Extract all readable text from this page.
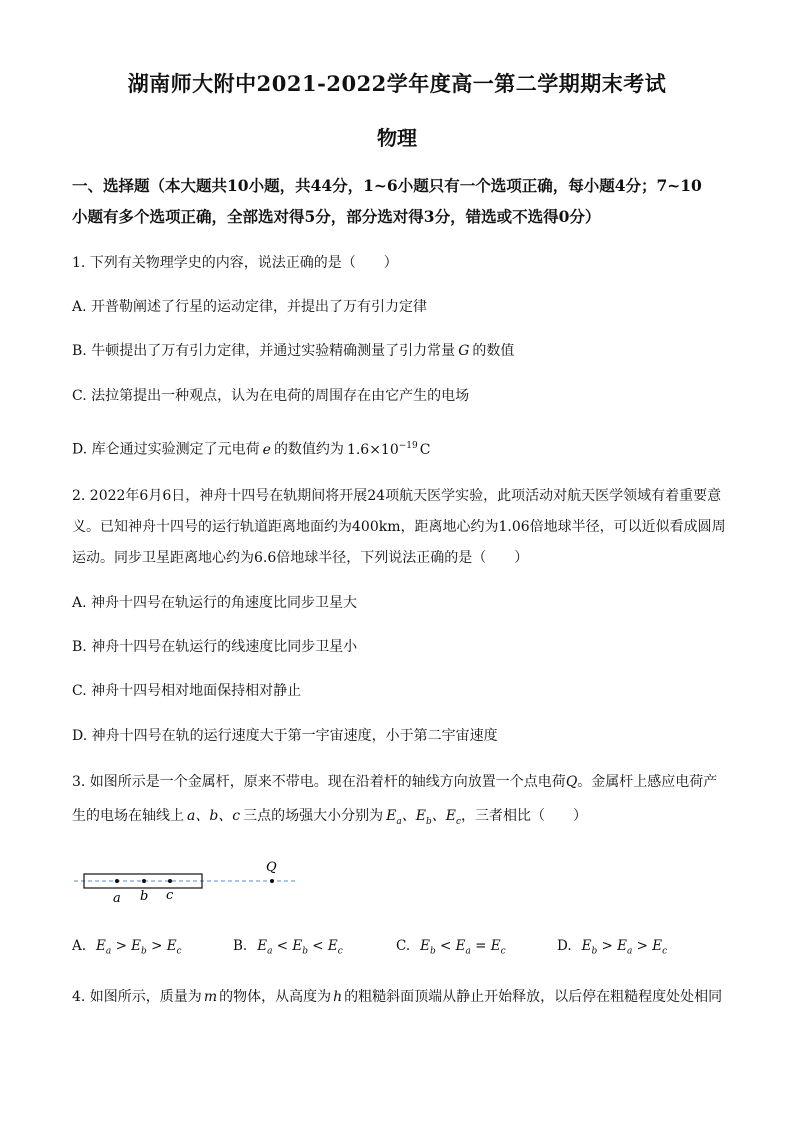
湖南师大附中2021-2022学年度高一第二学期期末考试
物理
一、选择题（本大题共10小题，共44分，1~6小题只有一个选项正确，每小题4分；7~10
小题有多个选项正确，全部选对得5分，部分选对得3分，错选或不选得0分）
1. 下列有关物理学史的内容，说法正确的是（　　）
A. 开普勒阐述了行星的运动定律，并提出了万有引力定律
B. 牛顿提出了万有引力定律，并通过实验精确测量了引力常量 G 的数值
C. 法拉第提出一种观点，认为在电荷的周围存在由它产生的电场
D. 库仑通过实验测定了元电荷 e 的数值约为 $1.6\times 10^{-19}$ C
2. 2022年6月6日，神舟十四号在轨期间将开展24项航天医学实验，此项活动对航天医学领域有着重要意
义。已知神舟十四号的运行轨道距离地面约为400km，距离地心约为1.06倍地球半径，可以近似看成圆周
运动。同步卫星距离地心约为6.6倍地球半径，下列说法正确的是（　　）
A. 神舟十四号在轨运行的角速度比同步卫星大
B. 神舟十四号在轨运行的线速度比同步卫星小
C. 神舟十四号相对地面保持相对静止
D. 神舟十四号在轨的运行速度大于第一宇宙速度，小于第二宇宙速度
3. 如图所示是一个金属杆，原来不带电。现在沿着杆的轴线方向放置一个点电荷Q。金属杆上感应电荷产
生的电场在轴线上 a、b、c 三点的场强大小分别为 $E_a$、$E_b$、$E_c$，三者相比（　　）
Q
a b c
A. $E_a > E_b > E_c$	B. $E_a < E_b < E_c$	C. $E_b < E_a = E_c$	D. $E_b > E_a > E_c$
4. 如图所示，质量为 m 的物体，从高度为 h 的粗糙斜面顶端从静止开始释放，以后停在粗糙程度处处相同
